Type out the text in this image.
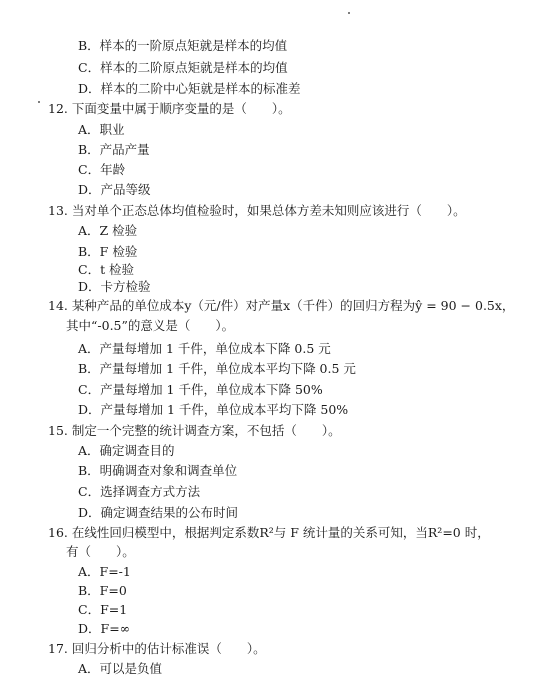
B．样本的一阶原点矩就是样本的均值
C．样本的二阶原点矩就是样本的均值
D．样本的二阶中心矩就是样本的标准差
12. 下面变量中属于顺序变量的是（　　）。
A．职业
B．产品产量
C．年龄
D．产品等级
13. 当对单个正态总体均值检验时，如果总体方差未知则应该进行（　　）。
A．Z 检验
B．F 检验
C．t 检验
D．卡方检验
14. 某种产品的单位成本y（元/件）对产量x（千件）的回归方程为ŷ = 90 − 0.5x，
其中“-0.5”的意义是（　　）。
A．产量每增加 1 千件，单位成本下降 0.5 元
B．产量每增加 1 千件，单位成本平均下降 0.5 元
C．产量每增加 1 千件，单位成本下降 50%
D．产量每增加 1 千件，单位成本平均下降 50%
15. 制定一个完整的统计调查方案，不包括（　　）。
A．确定调查目的
B．明确调查对象和调查单位
C．选择调查方式方法
D．确定调查结果的公布时间
16. 在线性回归模型中，根据判定系数R²与 F 统计量的关系可知，当R²=0 时，
有（　　）。
A．F=-1
B．F=0
C．F=1
D．F=∞
17. 回归分析中的估计标准误（　　）。
A．可以是负值
